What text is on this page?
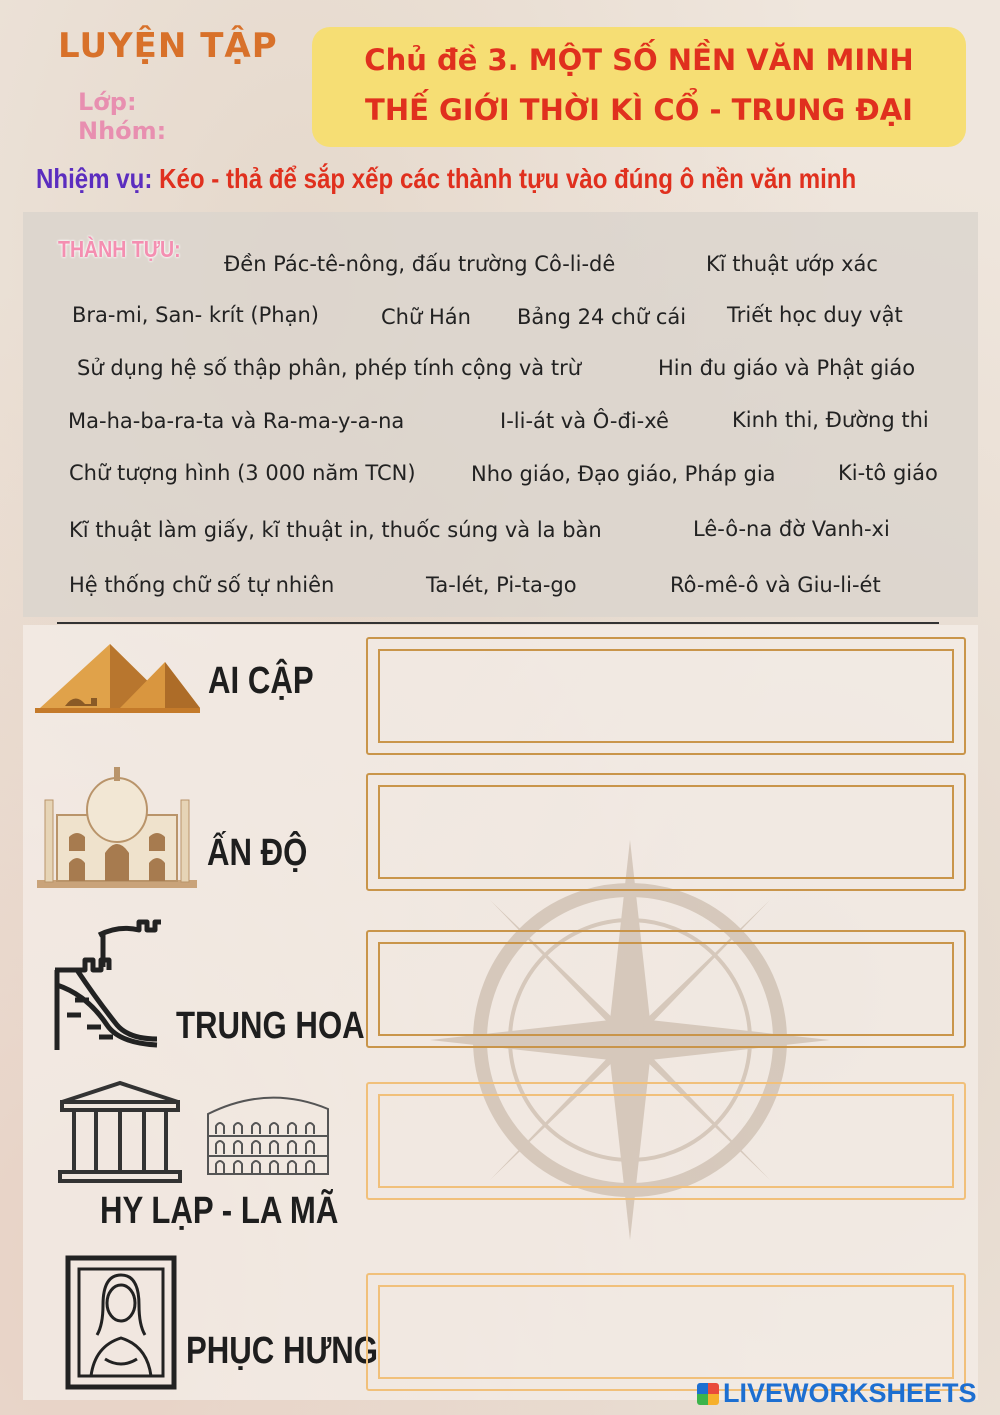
LUYỆN TẬP
Lớp:
Nhóm:
Chủ đề 3. MỘT SỐ NỀN VĂN MINH
THẾ GIỚI THỜI KÌ CỔ - TRUNG ĐẠI
Nhiệm vụ: Kéo - thả để sắp xếp các thành tựu vào đúng ô nền văn minh
THÀNH TỰU:
Đền Pác-tê-nông, đấu trường Cô-li-dê	Kĩ thuật ướp xác
Bra-mi, San- krít (Phạn)	Chữ Hán Bảng 24 chữ cái Triết học duy vật
Sử dụng hệ số thập phân, phép tính cộng và trừ	Hin đu giáo và Phật giáo
Ma-ha-ba-ra-ta và Ra-ma-y-a-na	I-li-át và Ô-đi-xê	Kinh thi, Đường thi
Chữ tượng hình (3 000 năm TCN)	Nho giáo, Đạo giáo, Pháp gia	Ki-tô giáo
Kĩ thuật làm giấy, kĩ thuật in, thuốc súng và la bàn	Lê-ô-na đờ Vanh-xi
Hệ thống chữ số tự nhiên	Ta-lét, Pi-ta-go	Rô-mê-ô và Giu-li-ét
AI CẬP
ẤN ĐỘ
TRUNG HOA
HY LẠP - LA MÃ
PHỤC HƯNG
LIVEWORKSHEETS
